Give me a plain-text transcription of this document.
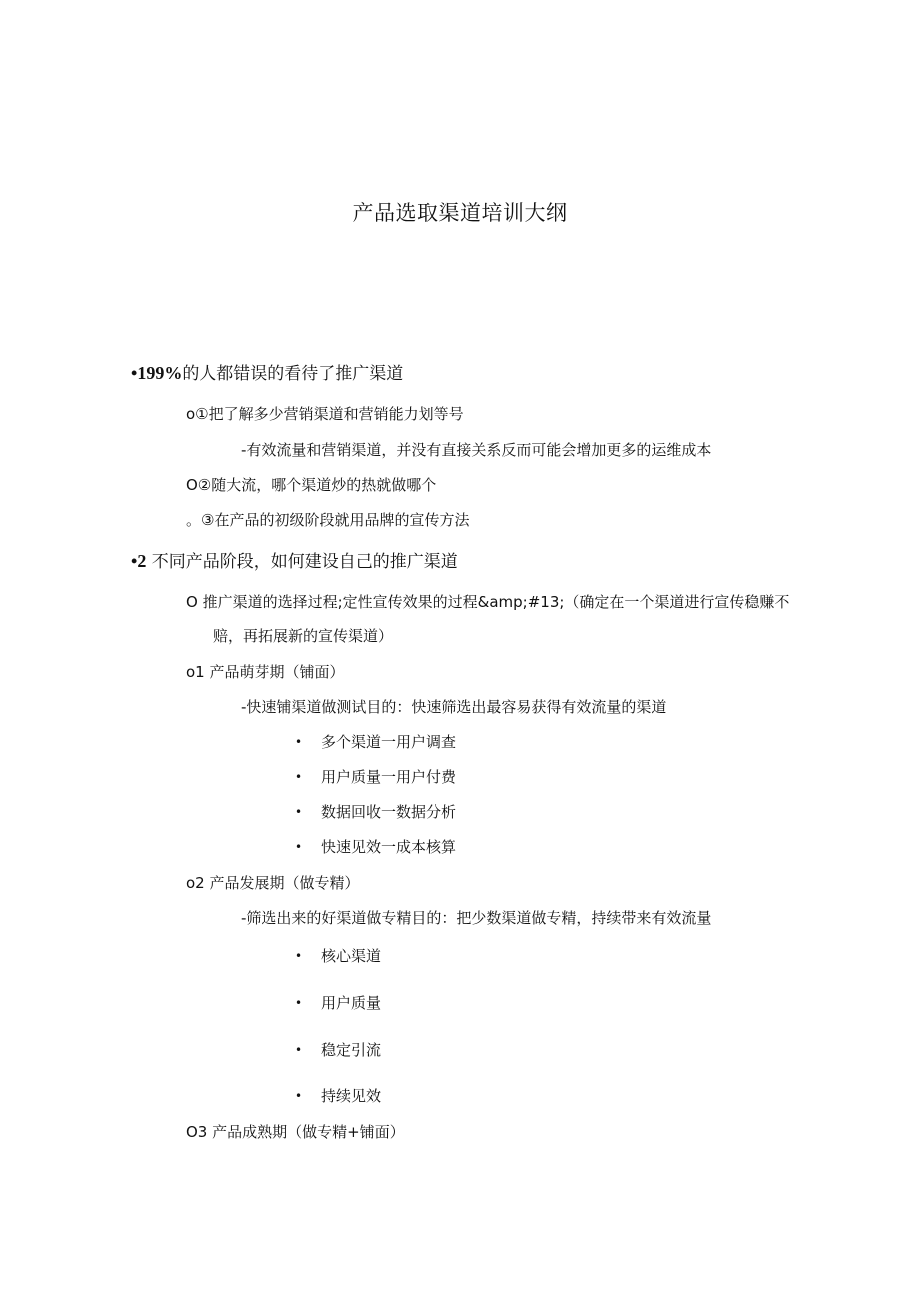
产品选取渠道培训大纲
•199%的人都错误的看待了推广渠道
o①把了解多少营销渠道和营销能力划等号
-有效流量和营销渠道，并没有直接关系反而可能会增加更多的运维成本
O②随大流，哪个渠道炒的热就做哪个
。③在产品的初级阶段就用品牌的宣传方法
•2 不同产品阶段，如何建设自己的推广渠道
O 推广渠道的选择过程;定性宣传效果的过程&amp;#13;（确定在一个渠道进行宣传稳赚不
赔，再拓展新的宣传渠道）
o1 产品萌芽期（铺面）
-快速铺渠道做测试目的：快速筛选出最容易获得有效流量的渠道
• 多个渠道一用户调查
• 用户质量一用户付费
• 数据回收一数据分析
• 快速见效一成本核算
o2 产品发展期（做专精）
-筛选出来的好渠道做专精目的：把少数渠道做专精，持续带来有效流量
• 核心渠道
• 用户质量
• 稳定引流
• 持续见效
O3 产品成熟期（做专精+铺面）
